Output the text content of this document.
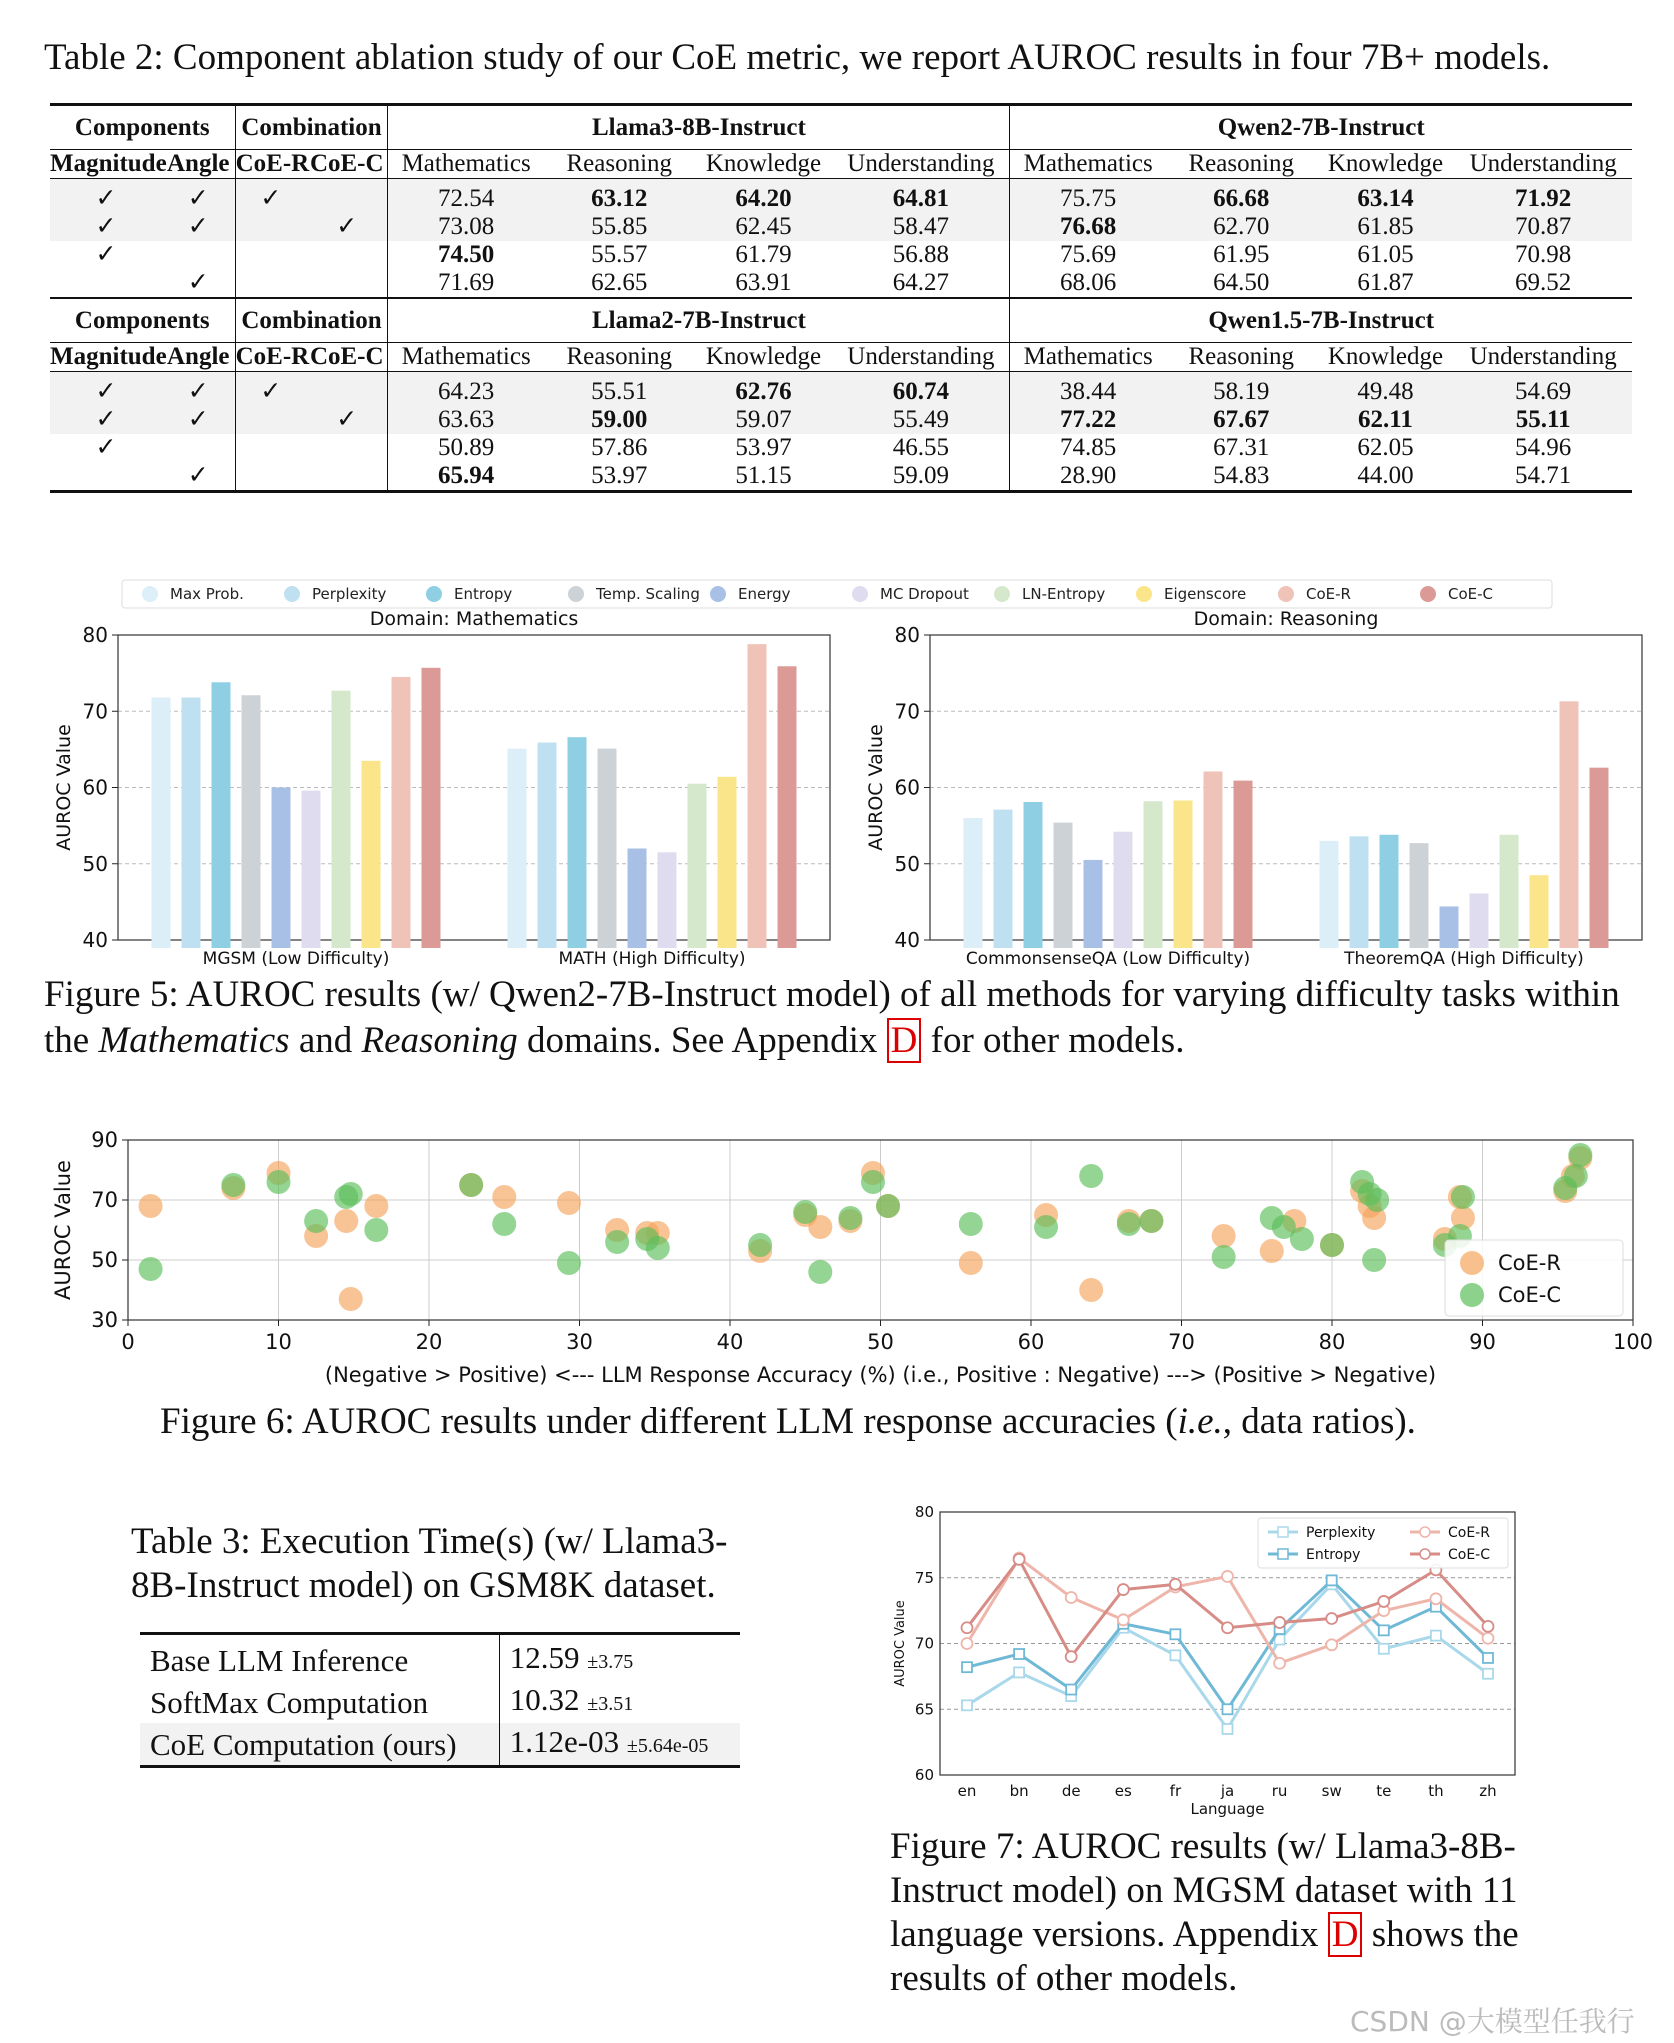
Table 2: Component ablation study of our CoE metric, we report AUROC results in four 7B+ models.
Components		Combination		Llama3-8B-Instruct				Qwen2-7B-Instruct			
Magnitude	Angle	CoE-R	CoE-C	Mathematics	Reasoning	Knowledge	Understanding	Mathematics	Reasoning	Knowledge	Understanding
✓	✓	✓		72.54	63.12	64.20	64.81	75.75	66.68	63.14	71.92
✓	✓		✓	73.08	55.85	62.45	58.47	76.68	62.70	61.85	70.87
✓				74.50	55.57	61.79	56.88	75.69	61.95	61.05	70.98
	✓			71.69	62.65	63.91	64.27	68.06	64.50	61.87	69.52
Components		Combination		Llama2-7B-Instruct				Qwen1.5-7B-Instruct			
Magnitude	Angle	CoE-R	CoE-C	Mathematics	Reasoning	Knowledge	Understanding	Mathematics	Reasoning	Knowledge	Understanding
✓	✓	✓		64.23	55.51	62.76	60.74	38.44	58.19	49.48	54.69
✓	✓		✓	63.63	59.00	59.07	55.49	77.22	67.67	62.11	55.11
✓				50.89	57.86	53.97	46.55	74.85	67.31	62.05	54.96
	✓			65.94	53.97	51.15	59.09	28.90	54.83	44.00	54.71
Max Prob.	Perplexity	Entropy	Temp. Scaling	Energy	MC Dropout	LN-Entropy	Eigenscore	CoE-R	CoE-C
Domain: Mathematics
40
50
60
70
80
AUROC Value
MGSM (Low Difficulty)	MATH (High Difficulty)
Domain: Reasoning
40
50
60
70
80
AUROC Value
CommonsenseQA (Low Difficulty)	TheoremQA (High Difficulty)
Figure 5: AUROC results (w/ Qwen2-7B-Instruct model) of all methods for varying difficulty tasks within the Mathematics and Reasoning domains. See Appendix D for other models.
0	10	20	30	40	50	60	70	80	90	100
30
50
70
90
AUROC Value
(Negative > Positive) <--- LLM Response Accuracy (%) (i.e., Positive : Negative) ---> (Positive > Negative)
CoE-R
CoE-C
Figure 6: AUROC results under different LLM response accuracies (i.e., data ratios).
Table 3: Execution Time(s) (w/ Llama3-8B-Instruct model) on GSM8K dataset.
Base LLM Inference	12.59 ±3.75
SoftMax Computation	10.32 ±3.51
CoE Computation (ours)	1.12e-03 ±5.64e-05
60
65
70
75
80
en bn de es	fr	ja	ru sw te th zh
Language
AUROC Value
Perplexity
Entropy
CoE-R
CoE-C
Figure 7: AUROC results (w/ Llama3-8B-Instruct model) on MGSM dataset with 11 language versions. Appendix D shows the results of other models.
CSDN @大模型任我行
